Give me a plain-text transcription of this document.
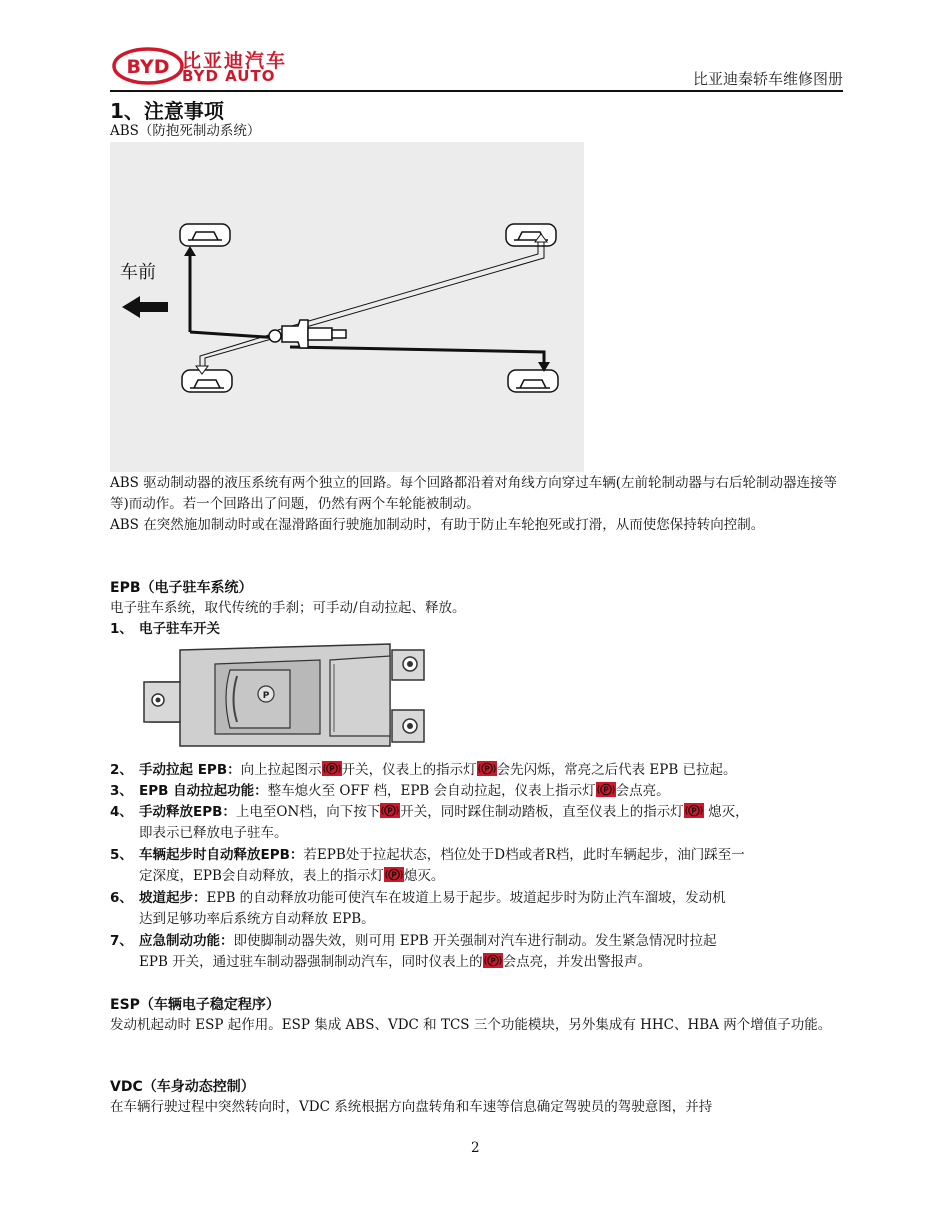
BYD 比亚迪汽车
BYD AUTO	比亚迪秦轿车维修图册
1、注意事项
ABS（防抱死制动系统）
车前
ABS 驱动制动器的液压系统有两个独立的回路。每个回路都沿着对角线方向穿过车辆(左前轮制动器与右后轮制动器连接等等)而动作。若一个回路出了问题，仍然有两个车轮能被制动。
ABS 在突然施加制动时或在湿滑路面行驶施加制动时，有助于防止车轮抱死或打滑，从而使您保持转向控制。
EPB（电子驻车系统）
电子驻车系统，取代传统的手刹；可手动/自动拉起、释放。
1、 电子驻车开关
P
2、 手动拉起 EPB：向上拉起图示 开关，仪表上的指示灯 会先闪烁，常亮之后代表 EPB 已拉起。
3、 EPB 自动拉起功能：整车熄火至 OFF 档，EPB 会自动拉起，仪表上指示灯 会点亮。
4、 手动释放EPB：上电至ON档，向下按下 开关，同时踩住制动踏板，直至仪表上的指示灯 熄灭，
即表示已释放电子驻车。
5、 车辆起步时自动释放EPB：若EPB处于拉起状态，档位处于D档或者R档，此时车辆起步，油门踩至一
定深度，EPB会自动释放，表上的指示灯 熄灭。
6、 坡道起步：EPB 的自动释放功能可使汽车在坡道上易于起步。坡道起步时为防止汽车溜坡，发动机
达到足够功率后系统方自动释放 EPB。
7、 应急制动功能：即使脚制动器失效，则可用 EPB 开关强制对汽车进行制动。发生紧急情况时拉起
EPB 开关，通过驻车制动器强制制动汽车，同时仪表上的 会点亮，并发出警报声。
ESP（车辆电子稳定程序）
发动机起动时 ESP 起作用。ESP 集成 ABS、VDC 和 TCS 三个功能模块，另外集成有 HHC、HBA 两个增值子功能。
VDC（车身动态控制）
在车辆行驶过程中突然转向时，VDC 系统根据方向盘转角和车速等信息确定驾驶员的驾驶意图，并持
2
